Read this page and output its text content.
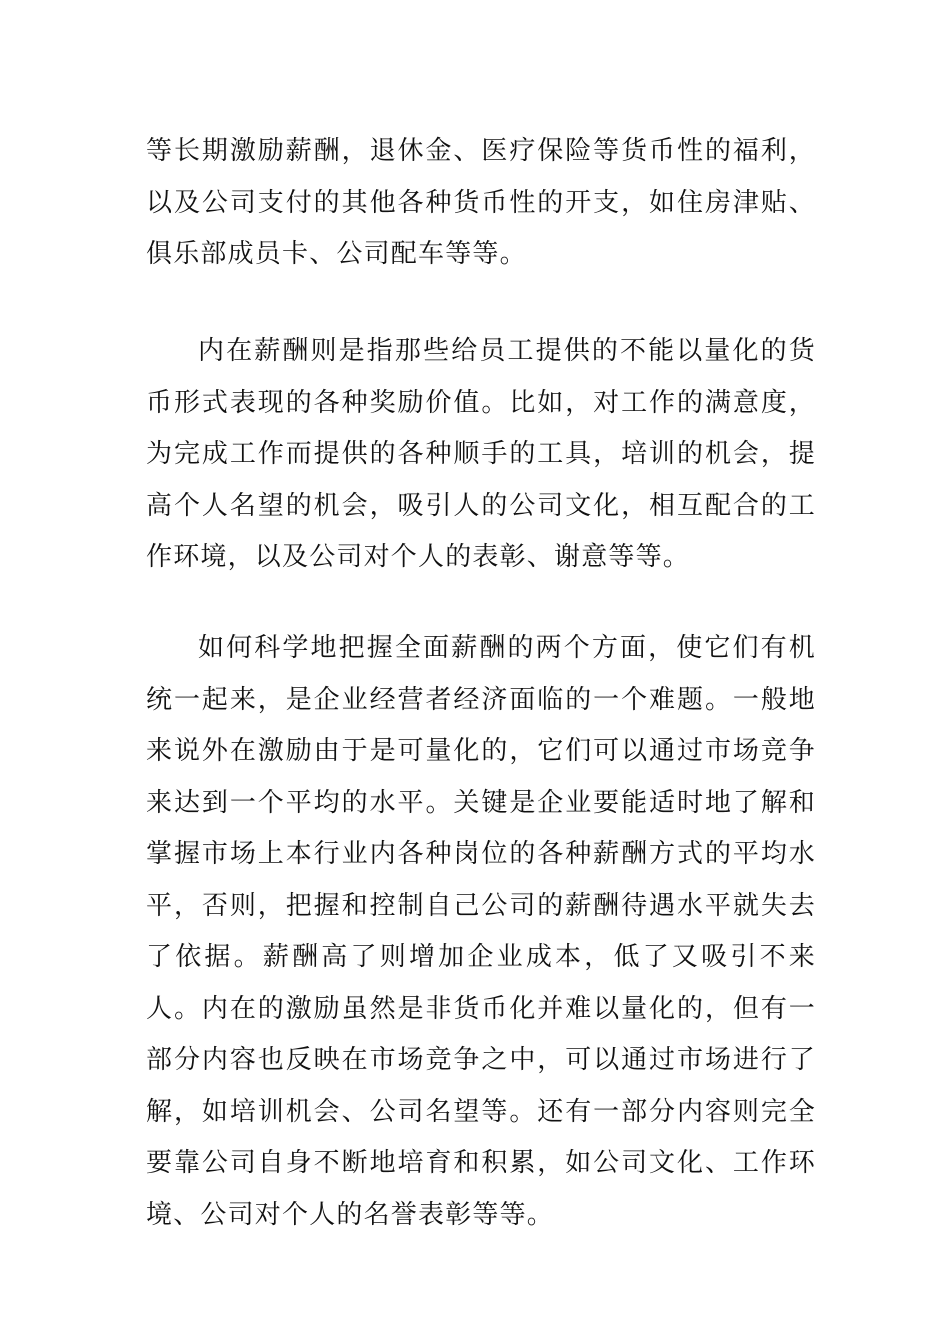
等长期激励薪酬，退休金、医疗保险等货币性的福利，以及公司支付的其他各种货币性的开支，如住房津贴、俱乐部成员卡、公司配车等等。

内在薪酬则是指那些给员工提供的不能以量化的货币形式表现的各种奖励价值。比如，对工作的满意度，为完成工作而提供的各种顺手的工具，培训的机会，提高个人名望的机会，吸引人的公司文化，相互配合的工作环境，以及公司对个人的表彰、谢意等等。

如何科学地把握全面薪酬的两个方面，使它们有机统一起来，是企业经营者经济面临的一个难题。一般地来说外在激励由于是可量化的，它们可以通过市场竞争来达到一个平均的水平。关键是企业要能适时地了解和掌握市场上本行业内各种岗位的各种薪酬方式的平均水平，否则，把握和控制自己公司的薪酬待遇水平就失去了依据。薪酬高了则增加企业成本，低了又吸引不来人。内在的激励虽然是非货币化并难以量化的，但有一部分内容也反映在市场竞争之中，可以通过市场进行了解，如培训机会、公司名望等。还有一部分内容则完全要靠公司自身不断地培育和积累，如公司文化、工作环境、公司对个人的名誉表彰等等。
